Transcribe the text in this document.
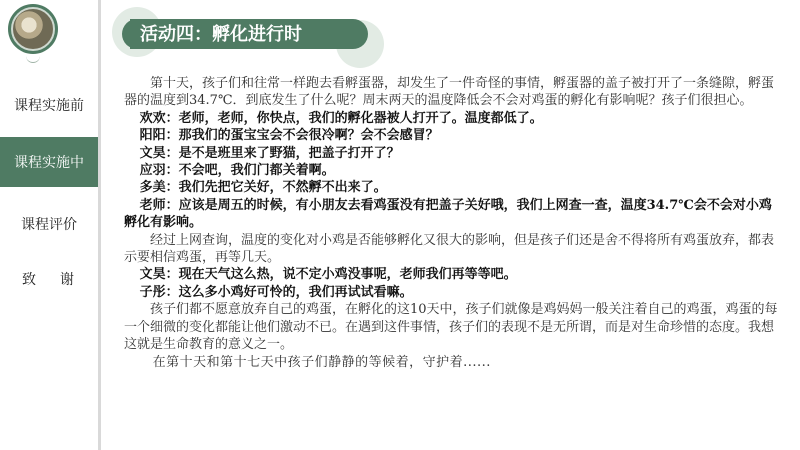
课程实施前
课程实施中
课程评价
致谢
活动四：孵化进行时

第十天，孩子们和往常一样跑去看孵蛋器，却发生了一件奇怪的事情，孵蛋器的盖子被打开了一条缝隙，孵蛋器的温度到34.7℃．到底发生了什么呢？周末两天的温度降低会不会对鸡蛋的孵化有影响呢？孩子们很担心。

欢欢：老师，老师，你快点，我们的孵化器被人打开了。温度都低了。

阳阳：那我们的蛋宝宝会不会很冷啊？会不会感冒？

文昊：是不是班里来了野猫，把盖子打开了？

应羽：不会吧，我们门都关着啊。

多美：我们先把它关好，不然孵不出来了。

老师：应该是周五的时候，有小朋友去看鸡蛋没有把盖子关好哦，我们上网查一查，温度34.7℃会不会对小鸡孵化有影响。

经过上网查询，温度的变化对小鸡是否能够孵化又很大的影响，但是孩子们还是舍不得将所有鸡蛋放弃，都表示要相信鸡蛋，再等几天。

文昊：现在天气这么热，说不定小鸡没事呢，老师我们再等等吧。

子彤：这么多小鸡好可怜的，我们再试试看嘛。

孩子们都不愿意放弃自己的鸡蛋，在孵化的这10天中，孩子们就像是鸡妈妈一般关注着自己的鸡蛋，鸡蛋的每一个细微的变化都能让他们激动不已。在遇到这件事情，孩子们的表现不是无所谓，而是对生命珍惜的态度。我想这就是生命教育的意义之一。

在第十天和第十七天中孩子们静静的等候着，守护着......
